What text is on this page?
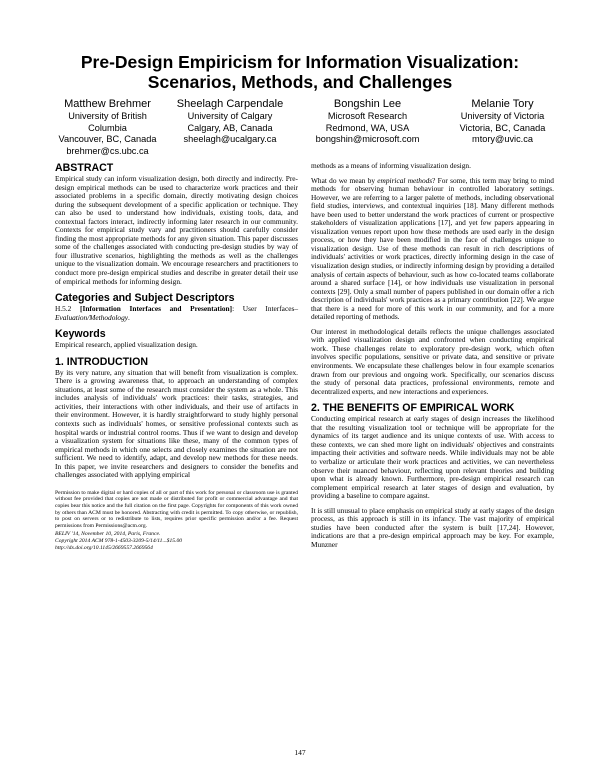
Pre-Design Empiricism for Information Visualization:
Scenarios, Methods, and Challenges
Matthew Brehmer
University of British Columbia
Vancouver, BC, Canada
brehmer@cs.ubc.ca
Sheelagh Carpendale
University of Calgary
Calgary, AB, Canada
sheelagh@ucalgary.ca
Bongshin Lee
Microsoft Research
Redmond, WA, USA
bongshin@microsoft.com
Melanie Tory
University of Victoria
Victoria, BC, Canada
mtory@uvic.ca
ABSTRACT

Empirical study can inform visualization design, both directly and indirectly. Pre-design empirical methods can be used to characterize work practices and their associated problems in a specific domain, directly motivating design choices during the subsequent development of a specific application or technique. They can also be used to understand how individuals, existing tools, data, and contextual factors interact, indirectly informing later research in our community. Contexts for empirical study vary and practitioners should carefully consider finding the most appropriate methods for any given situation. This paper discusses some of the challenges associated with conducting pre-design studies by way of four illustrative scenarios, highlighting the methods as well as the challenges unique to the visualization domain. We encourage researchers and practitioners to conduct more pre-design empirical studies and describe in greater detail their use of empirical methods for informing design.

Categories and Subject Descriptors

H.5.2 [Information Interfaces and Presentation]: User Interfaces–Evaluation/Methodology.

Keywords

Empirical research, applied visualization design.

1. INTRODUCTION

By its very nature, any situation that will benefit from visualization is complex. There is a growing awareness that, to approach an understanding of complex situations, at least some of the research must consider the system as a whole. This includes analysis of individuals' work practices: their tasks, strategies, and activities, their interactions with other individuals, and their use of artifacts in their environment. However, it is hardly straightforward to study highly personal contexts such as individuals' homes, or sensitive professional contexts such as hospital wards or industrial control rooms. Thus if we want to design and develop a visualization system for situations like these, many of the common types of empirical methods in which one selects and closely examines the situation are not sufficient. We need to identify, adapt, and develop new methods for these needs. In this paper, we invite researchers and designers to consider the benefits and challenges associated with applying empirical

Permission to make digital or hard copies of all or part of this work for personal or classroom use is granted without fee provided that copies are not made or distributed for profit or commercial advantage and that copies bear this notice and the full citation on the first page. Copyrights for components of this work owned by others than ACM must be honored. Abstracting with credit is permitted. To copy otherwise, or republish, to post on servers or to redistribute to lists, requires prior specific permission and/or a fee. Request permissions from Permissions@acm.org.

BELIV '14, November 10, 2014, Paris, France.

Copyright 2014 ACM 978-1-4503-3209-5/14/11...$15.00

http://dx.doi.org/10.1145/2669557.2669564

methods as a means of informing visualization design.

What do we mean by empirical methods? For some, this term may bring to mind methods for observing human behaviour in controlled laboratory settings. However, we are referring to a larger palette of methods, including observational field studies, interviews, and contextual inquiries [18]. Many different methods have been used to better understand the work practices of current or prospective stakeholders of visualization applications [17], and yet few papers appearing in visualization venues report upon how these methods are used early in the design process, or how they have been modified in the face of challenges unique to visualization design. Use of these methods can result in rich descriptions of individuals' activities or work practices, directly informing design in the case of visualization design studies, or indirectly informing design by providing a detailed analysis of certain aspects of behaviour, such as how co-located teams collaborate around a shared surface [14], or how individuals use visualization in personal contexts [29]. Only a small number of papers published in our domain offer a rich description of individuals' work practices as a primary contribution [22]. We argue that there is a need for more of this work in our community, and for a more detailed reporting of methods.

Our interest in methodological details reflects the unique challenges associated with applied visualization design and confronted when conducting empirical work. These challenges relate to exploratory pre-design work, which often involves specific populations, sensitive or private data, and sensitive or private environments. We encapsulate these challenges below in four example scenarios drawn from our previous and ongoing work. Specifically, our scenarios discuss the study of personal data practices, professional environments, remote and decentralized experts, and new interactions and experiences.

2. THE BENEFITS OF EMPIRICAL WORK

Conducting empirical research at early stages of design increases the likelihood that the resulting visualization tool or technique will be appropriate for the dynamics of its target audience and its unique contexts of use. With access to these contexts, we can shed more light on individuals' objectives and constraints impacting their activities and software needs. While individuals may not be able to verbalize or articulate their work practices and activities, we can nevertheless observe their nuanced behaviour, reflecting upon relevant theories and building upon what is already known. Furthermore, pre-design empirical research can complement empirical research at later stages of design and evaluation, by providing a baseline to compare against.

It is still unusual to place emphasis on empirical study at early stages of the design process, as this approach is still in its infancy. The vast majority of empirical studies have been conducted after the system is built [17,24]. However, indications are that a pre-design empirical approach may be key. For example, Munzner

147
